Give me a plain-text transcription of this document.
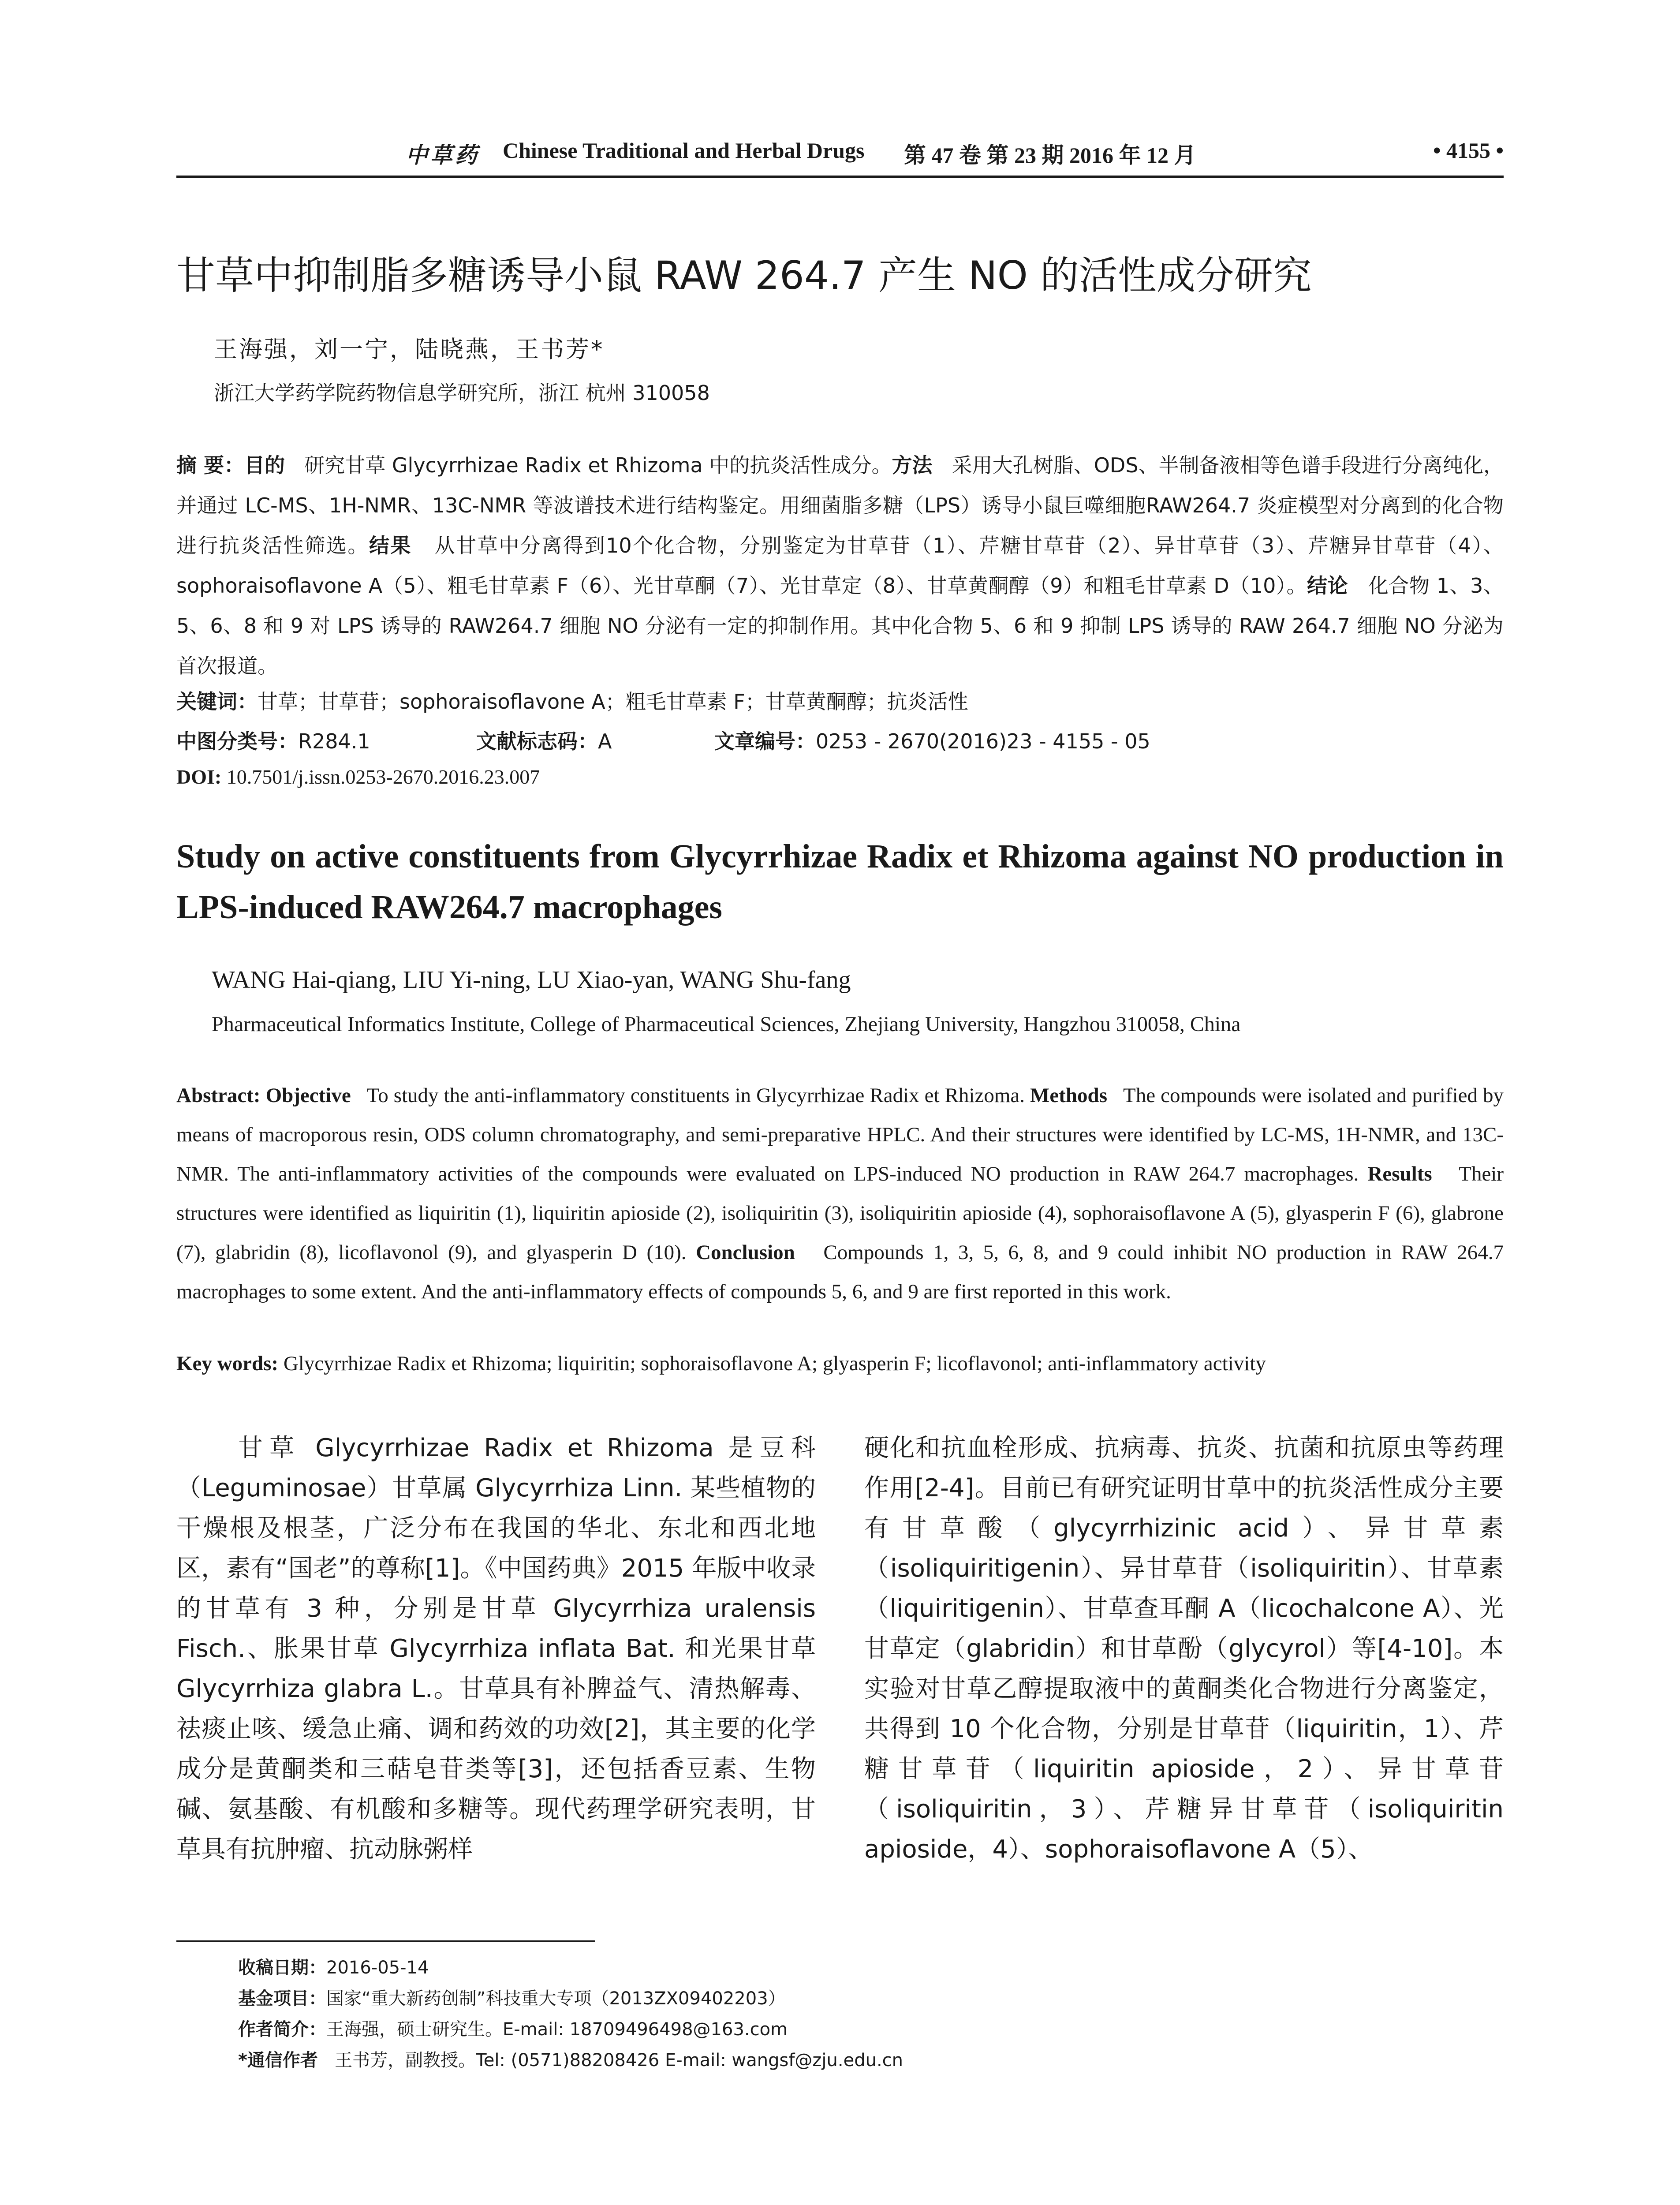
中草药 Chinese Traditional and Herbal Drugs 第 47 卷 第 23 期 2016 年 12 月	• 4155 •
甘草中抑制脂多糖诱导小鼠 RAW 264.7 产生 NO 的活性成分研究
王海强，刘一宁，陆晓燕，王书芳*
浙江大学药学院药物信息学研究所，浙江 杭州 310058
摘 要：目的 研究甘草 Glycyrrhizae Radix et Rhizoma 中的抗炎活性成分。方法 采用大孔树脂、ODS、半制备液相等色谱手段进行分离纯化，并通过 LC-MS、1H-NMR、13C-NMR 等波谱技术进行结构鉴定。用细菌脂多糖（LPS）诱导小鼠巨噬细胞RAW264.7 炎症模型对分离到的化合物进行抗炎活性筛选。结果 从甘草中分离得到10个化合物，分别鉴定为甘草苷（1）、芹糖甘草苷（2）、异甘草苷（3）、芹糖异甘草苷（4）、sophoraisoflavone A（5）、粗毛甘草素 F（6）、光甘草酮（7）、光甘草定（8）、甘草黄酮醇（9）和粗毛甘草素 D（10）。结论 化合物 1、3、5、6、8 和 9 对 LPS 诱导的 RAW264.7 细胞 NO 分泌有一定的抑制作用。其中化合物 5、6 和 9 抑制 LPS 诱导的 RAW 264.7 细胞 NO 分泌为首次报道。
关键词：甘草；甘草苷；sophoraisoflavone A；粗毛甘草素 F；甘草黄酮醇；抗炎活性
中图分类号：R284.1	文献标志码：A	文章编号：0253 - 2670(2016)23 - 4155 - 05
DOI: 10.7501/j.issn.0253-2670.2016.23.007
Study on active constituents from Glycyrrhizae Radix et Rhizoma against NO production in LPS-induced RAW264.7 macrophages
WANG Hai-qiang, LIU Yi-ning, LU Xiao-yan, WANG Shu-fang
Pharmaceutical Informatics Institute, College of Pharmaceutical Sciences, Zhejiang University, Hangzhou 310058, China
Abstract: Objective To study the anti-inflammatory constituents in Glycyrrhizae Radix et Rhizoma. Methods The compounds were isolated and purified by means of macroporous resin, ODS column chromatography, and semi-preparative HPLC. And their structures were identified by LC-MS, 1H-NMR, and 13C-NMR. The anti-inflammatory activities of the compounds were evaluated on LPS-induced NO production in RAW 264.7 macrophages. Results Their structures were identified as liquiritin (1), liquiritin apioside (2), isoliquiritin (3), isoliquiritin apioside (4), sophoraisoflavone A (5), glyasperin F (6), glabrone (7), glabridin (8), licoflavonol (9), and glyasperin D (10). Conclusion Compounds 1, 3, 5, 6, 8, and 9 could inhibit NO production in RAW 264.7 macrophages to some extent. And the anti-inflammatory effects of compounds 5, 6, and 9 are first reported in this work.
Key words: Glycyrrhizae Radix et Rhizoma; liquiritin; sophoraisoflavone A; glyasperin F; licoflavonol; anti-inflammatory activity
甘草 Glycyrrhizae Radix et Rhizoma 是豆科（Leguminosae）甘草属 Glycyrrhiza Linn. 某些植物的干燥根及根茎，广泛分布在我国的华北、东北和西北地区，素有“国老”的尊称[1]。《中国药典》2015 年版中收录的甘草有 3 种，分别是甘草 Glycyrrhiza uralensis Fisch.、胀果甘草 Glycyrrhiza inflata Bat. 和光果甘草 Glycyrrhiza glabra L.。甘草具有补脾益气、清热解毒、祛痰止咳、缓急止痛、调和药效的功效[2]，其主要的化学成分是黄酮类和三萜皂苷类等[3]，还包括香豆素、生物碱、氨基酸、有机酸和多糖等。现代药理学研究表明，甘草具有抗肿瘤、抗动脉粥样
硬化和抗血栓形成、抗病毒、抗炎、抗菌和抗原虫等药理作用[2-4]。目前已有研究证明甘草中的抗炎活性成分主要有甘草酸（glycyrrhizinic acid）、异甘草素（isoliquiritigenin）、异甘草苷（isoliquiritin）、甘草素（liquiritigenin）、甘草查耳酮 A（licochalcone A）、光甘草定（glabridin）和甘草酚（glycyrol）等[4-10]。本实验对甘草乙醇提取液中的黄酮类化合物进行分离鉴定，共得到 10 个化合物，分别是甘草苷（liquiritin，1）、芹糖甘草苷（liquiritin apioside，2）、异甘草苷（isoliquiritin，3）、芹糖异甘草苷（isoliquiritin apioside，4）、sophoraisoflavone A（5）、
收稿日期：2016-05-14
基金项目：国家“重大新药创制”科技重大专项（2013ZX09402203）
作者简介：王海强，硕士研究生。E-mail: 18709496498@163.com
*通信作者 王书芳，副教授。Tel: (0571)88208426 E-mail: wangsf@zju.edu.cn
